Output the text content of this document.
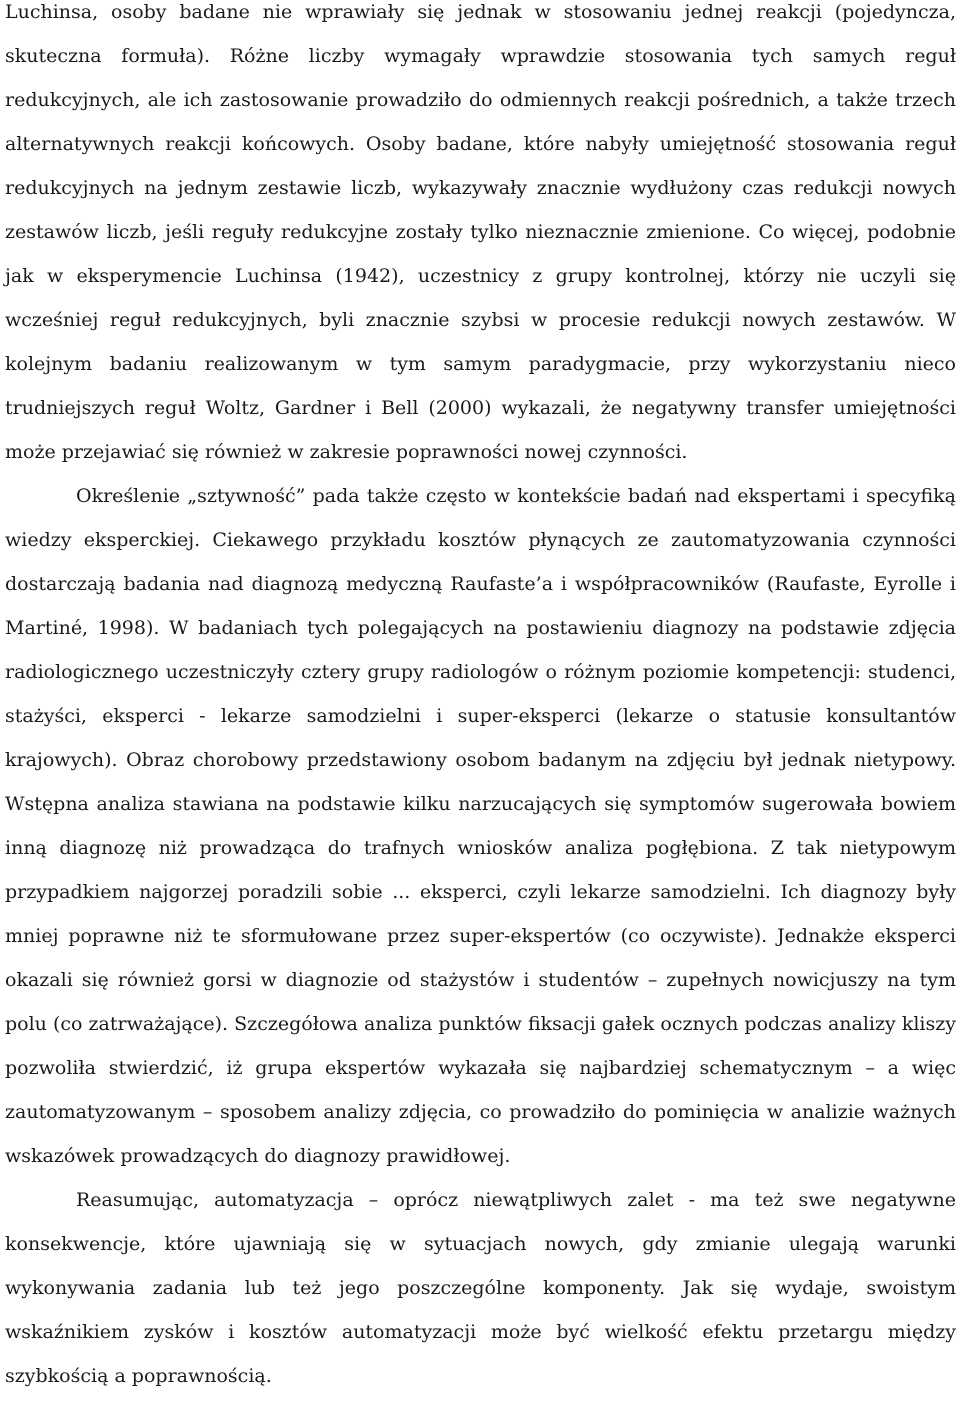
Luchinsa, osoby badane nie wprawiały się jednak w stosowaniu jednej reakcji (pojedyncza, skuteczna formuła). Różne liczby wymagały wprawdzie stosowania tych samych reguł redukcyjnych, ale ich zastosowanie prowadziło do odmiennych reakcji pośrednich, a także trzech alternatywnych reakcji końcowych. Osoby badane, które nabyły umiejętność stosowania reguł redukcyjnych na jednym zestawie liczb, wykazywały znacznie wydłużony czas redukcji nowych zestawów liczb, jeśli reguły redukcyjne zostały tylko nieznacznie zmienione. Co więcej, podobnie jak w eksperymencie Luchinsa (1942), uczestnicy z grupy kontrolnej, którzy nie uczyli się wcześniej reguł redukcyjnych, byli znacznie szybsi w procesie redukcji nowych zestawów. W kolejnym badaniu realizowanym w tym samym paradygmacie, przy wykorzystaniu nieco trudniejszych reguł Woltz, Gardner i Bell (2000) wykazali, że negatywny transfer umiejętności może przejawiać się również w zakresie poprawności nowej czynności.

Określenie „sztywność” pada także często w kontekście badań nad ekspertami i specyfiką wiedzy eksperckiej. Ciekawego przykładu kosztów płynących ze zautomatyzowania czynności dostarczają badania nad diagnozą medyczną Raufaste’a i współpracowników (Raufaste, Eyrolle i Martiné, 1998). W badaniach tych polegających na postawieniu diagnozy na podstawie zdjęcia radiologicznego uczestniczyły cztery grupy radiologów o różnym poziomie kompetencji: studenci, stażyści, eksperci - lekarze samodzielni i super-eksperci (lekarze o statusie konsultantów krajowych). Obraz chorobowy przedstawiony osobom badanym na zdjęciu był jednak nietypowy. Wstępna analiza stawiana na podstawie kilku narzucających się symptomów sugerowała bowiem inną diagnozę niż prowadząca do trafnych wniosków analiza pogłębiona. Z tak nietypowym przypadkiem najgorzej poradzili sobie ... eksperci, czyli lekarze samodzielni. Ich diagnozy były mniej poprawne niż te sformułowane przez super-ekspertów (co oczywiste). Jednakże eksperci okazali się również gorsi w diagnozie od stażystów i studentów – zupełnych nowicjuszy na tym polu (co zatrważające). Szczegółowa analiza punktów fiksacji gałek ocznych podczas analizy kliszy pozwoliła stwierdzić, iż grupa ekspertów wykazała się najbardziej schematycznym – a więc zautomatyzowanym – sposobem analizy zdjęcia, co prowadziło do pominięcia w analizie ważnych wskazówek prowadzących do diagnozy prawidłowej.

Reasumując, automatyzacja – oprócz niewątpliwych zalet - ma też swe negatywne konsekwencje, które ujawniają się w sytuacjach nowych, gdy zmianie ulegają warunki wykonywania zadania lub też jego poszczególne komponenty. Jak się wydaje, swoistym wskaźnikiem zysków i kosztów automatyzacji może być wielkość efektu przetargu między szybkością a poprawnością.
